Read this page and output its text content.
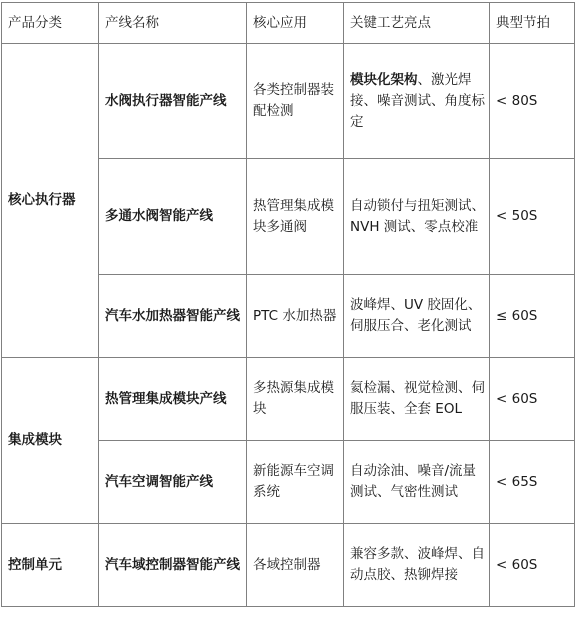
产品分类	产线名称	核心应用	关键工艺亮点	典型节拍
核心执行器	水阀执行器智能产线	各类控制器装配检测	模块化架构、激光焊接、噪音测试、角度标定	< 80S
	多通水阀智能产线	热管理集成模块多通阀	自动锁付与扭矩测试、NVH 测试、零点校准	< 50S
	汽车水加热器智能产线	PTC 水加热器	波峰焊、UV 胶固化、伺服压合、老化测试	≤ 60S
集成模块	热管理集成模块产线	多热源集成模块	氦检漏、视觉检测、伺服压装、全套 EOL	< 60S
	汽车空调智能产线	新能源车空调系统	自动涂油、噪音/流量测试、气密性测试	< 65S
控制单元	汽车域控制器智能产线	各域控制器	兼容多款、波峰焊、自动点胶、热铆焊接	< 60S
